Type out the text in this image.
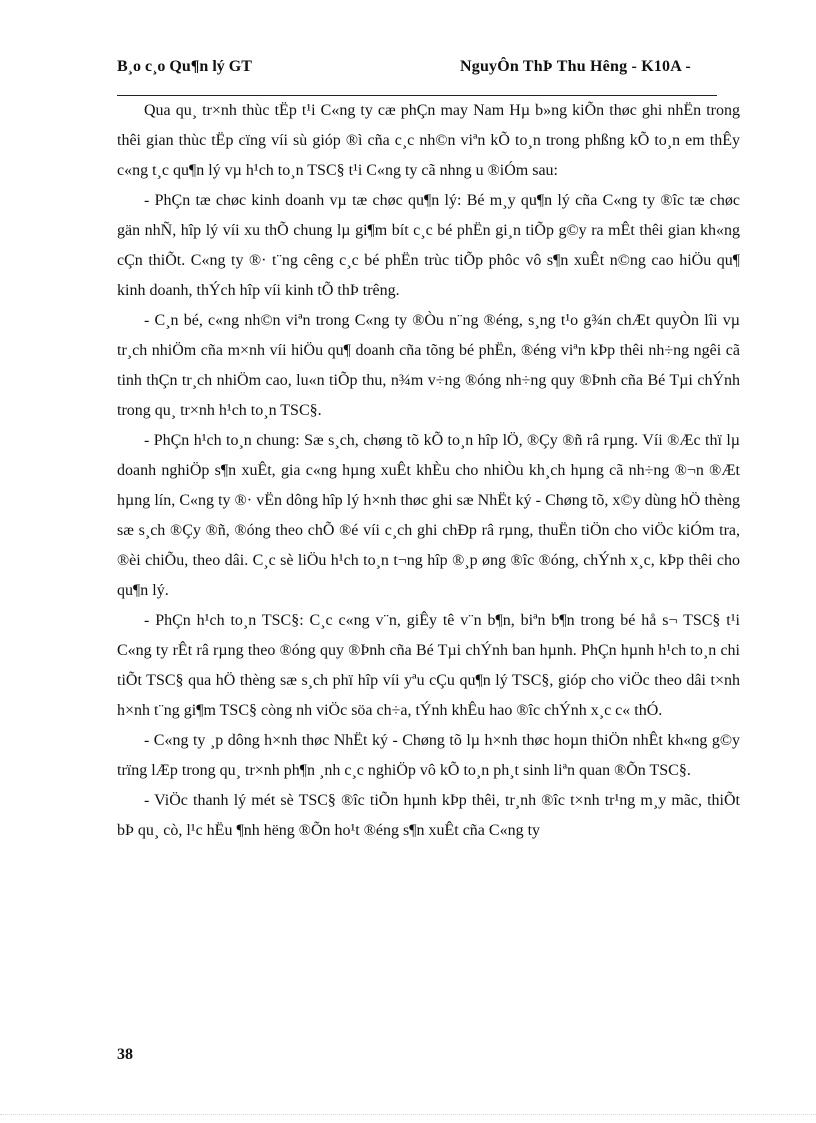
B¸o c¸o Qu¶n lý GT	NguyÔn ThÞ Thu Hêng - K10A -

Qua qu¸ tr×nh thùc tËp t¹i C«ng ty cæ phÇn may Nam Hµ b»ng kiÕn thøc ghi nhËn trong thêi gian thùc tËp cïng víi sù gióp ®ì cña c¸c nh©n viªn kÕ to¸n trong phßng kÕ to¸n em thÊy c«ng t¸c qu¶n lý vµ h¹ch to¸n TSC§ t¹i C«ng ty cã nhng u ®iÓm sau:

- PhÇn tæ chøc kinh doanh vµ tæ chøc qu¶n lý: Bé m¸y qu¶n lý cña C«ng ty ®îc tæ chøc gän nhÑ, hîp lý víi xu thÕ chung lµ gi¶m bít c¸c bé phËn gi¸n tiÕp g©y ra mÊt thêi gian kh«ng cÇn thiÕt. C«ng ty ®· t¨ng cêng c¸c bé phËn trùc tiÕp phôc vô s¶n xuÊt n©ng cao hiÖu qu¶ kinh doanh, thÝch hîp víi kinh tÕ thÞ trêng.

- C¸n bé, c«ng nh©n viªn trong C«ng ty ®Òu n¨ng ®éng, s¸ng t¹o g¾n chÆt quyÒn lîi vµ tr¸ch nhiÖm cña m×nh víi hiÖu qu¶ doanh cña tõng bé phËn, ®éng viªn kÞp thêi nh÷ng ngêi cã tinh thÇn tr¸ch nhiÖm cao, lu«n tiÕp thu, n¾m v÷ng ®óng nh÷ng quy ®Þnh cña Bé Tµi chÝnh trong qu¸ tr×nh h¹ch to¸n TSC§.

- PhÇn h¹ch to¸n chung: Sæ s¸ch, chøng tõ kÕ to¸n hîp lÖ, ®Çy ®ñ râ rµng. Víi ®Æc thï lµ doanh nghiÖp s¶n xuÊt, gia c«ng hµng xuÊt khÈu cho nhiÒu kh¸ch hµng cã nh÷ng ®¬n ®Æt hµng lín, C«ng ty ®· vËn dông hîp lý h×nh thøc ghi sæ NhËt ký - Chøng tõ, x©y dùng hÖ thèng sæ s¸ch ®Çy ®ñ, ®óng theo chÕ ®é víi c¸ch ghi chÐp râ rµng, thuËn tiÖn cho viÖc kiÓm tra, ®èi chiÕu, theo dâi. C¸c sè liÖu h¹ch to¸n t¬ng hîp ®¸p øng ®îc ®óng, chÝnh x¸c, kÞp thêi cho qu¶n lý.

- PhÇn h¹ch to¸n TSC§: C¸c c«ng v¨n, giÊy tê v¨n b¶n, biªn b¶n trong bé hå s¬ TSC§ t¹i C«ng ty rÊt râ rµng theo ®óng quy ®Þnh cña Bé Tµi chÝnh ban hµnh. PhÇn hµnh h¹ch to¸n chi tiÕt TSC§ qua hÖ thèng sæ s¸ch phï hîp víi yªu cÇu qu¶n lý TSC§, gióp cho viÖc theo dâi t×nh h×nh t¨ng gi¶m TSC§ còng nh viÖc söa ch÷a, tÝnh khÊu hao ®îc chÝnh x¸c c« thÓ.

- C«ng ty ¸p dông h×nh thøc NhËt ký - Chøng tõ lµ h×nh thøc hoµn thiÖn nhÊt kh«ng g©y trïng lÆp trong qu¸ tr×nh ph¶n ¸nh c¸c nghiÖp vô kÕ to¸n ph¸t sinh liªn quan ®Õn TSC§.

- ViÖc thanh lý mét sè TSC§ ®îc tiÕn hµnh kÞp thêi, tr¸nh ®îc t×nh tr¹ng m¸y mãc, thiÕt bÞ qu¸ cò, l¹c hËu ¶nh hëng ®Õn ho¹t ®éng s¶n xuÊt cña C«ng ty

38
